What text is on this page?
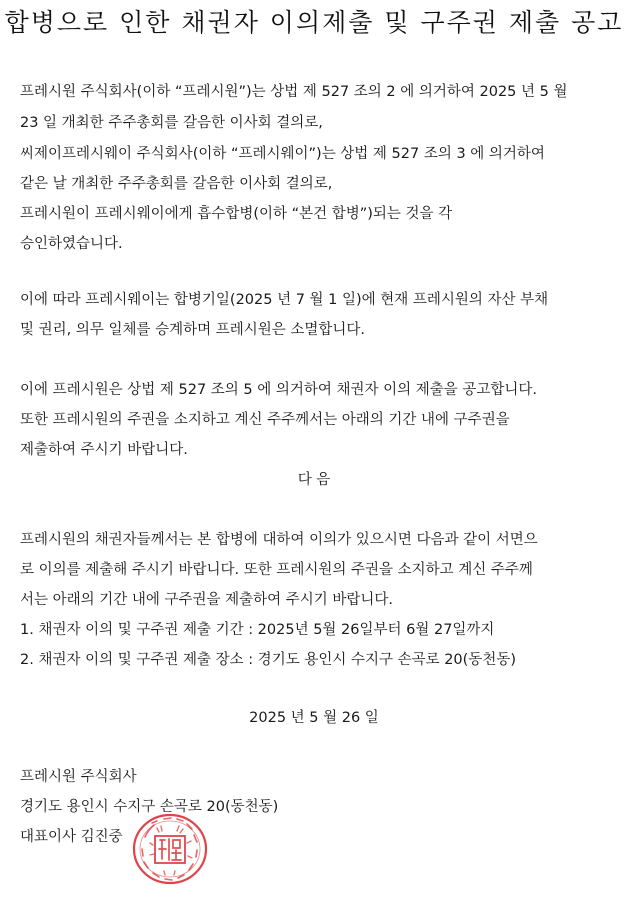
합병으로 인한 채권자 이의제출 및 구주권 제출 공고
프레시원 주식회사(이하 “프레시원”)는 상법 제 527 조의 2 에 의거하여 2025 년 5 월
23 일 개최한 주주총회를 갈음한 이사회 결의로,
씨제이프레시웨이 주식회사(이하 “프레시웨이”)는 상법 제 527 조의 3 에 의거하여
같은 날 개최한 주주총회를 갈음한 이사회 결의로,
프레시원이 프레시웨이에게 흡수합병(이하 “본건 합병”)되는 것을 각
승인하였습니다.
이에 따라 프레시웨이는 합병기일(2025 년 7 월 1 일)에 현재 프레시원의 자산 부채
및 권리, 의무 일체를 승계하며 프레시원은 소멸합니다.
이에 프레시원은 상법 제 527 조의 5 에 의거하여 채권자 이의 제출을 공고합니다.
또한 프레시원의 주권을 소지하고 계신 주주께서는 아래의 기간 내에 구주권을
제출하여 주시기 바랍니다.
다 음
프레시원의 채권자들께서는 본 합병에 대하여 이의가 있으시면 다음과 같이 서면으
로 이의를 제출해 주시기 바랍니다. 또한 프레시원의 주권을 소지하고 계신 주주께
서는 아래의 기간 내에 구주권을 제출하여 주시기 바랍니다.
1. 채권자 이의 및 구주권 제출 기간 : 2025년 5월 26일부터 6월 27일까지
2. 채권자 이의 및 구주권 제출 장소 : 경기도 용인시 수지구 손곡로 20(동천동)
2025 년 5 월 26 일
프레시원 주식회사
경기도 용인시 수지구 손곡로 20(동천동)
대표이사 김진중
